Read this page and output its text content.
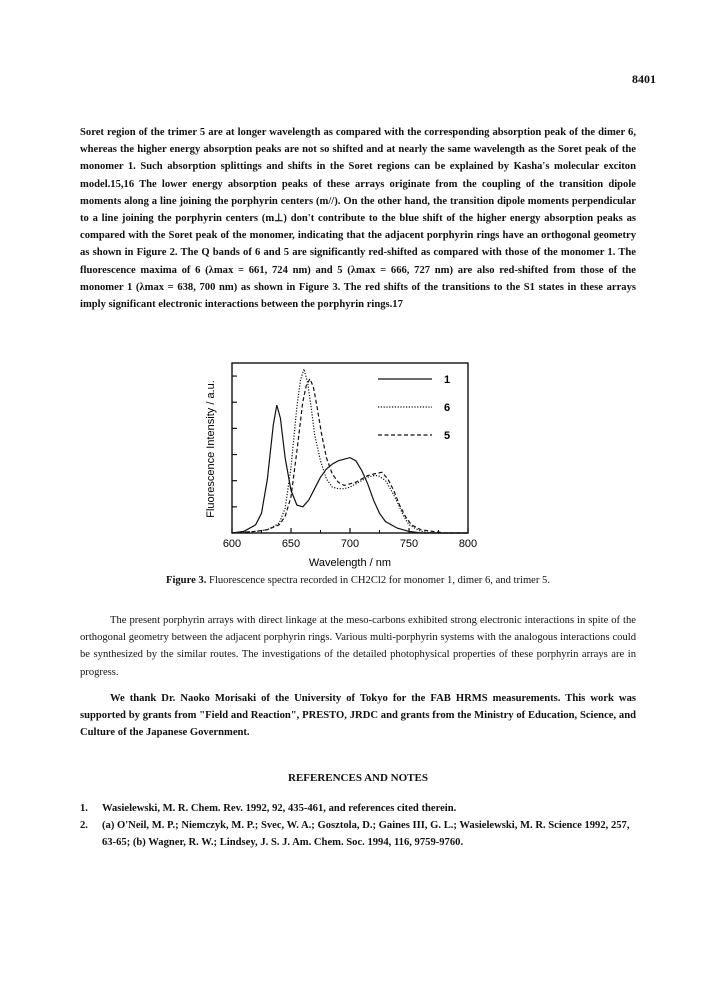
8401

Soret region of the trimer 5 are at longer wavelength as compared with the corresponding absorption peak of the dimer 6, whereas the higher energy absorption peaks are not so shifted and at nearly the same wavelength as the Soret peak of the monomer 1. Such absorption splittings and shifts in the Soret regions can be explained by Kasha's molecular exciton model.15,16 The lower energy absorption peaks of these arrays originate from the coupling of the transition dipole moments along a line joining the porphyrin centers (m//). On the other hand, the transition dipole moments perpendicular to a line joining the porphyrin centers (m⊥) don't contribute to the blue shift of the higher energy absorption peaks as compared with the Soret peak of the monomer, indicating that the adjacent porphyrin rings have an orthogonal geometry as shown in Figure 2. The Q bands of 6 and 5 are significantly red-shifted as compared with those of the monomer 1. The fluorescence maxima of 6 (λmax = 661, 724 nm) and 5 (λmax = 666, 727 nm) are also red-shifted from those of the monomer 1 (λmax = 638, 700 nm) as shown in Figure 3. The red shifts of the transitions to the S1 states in these arrays imply significant electronic interactions between the porphyrin rings.17

600	650	700	750	800
1
6
5
Wavelength / nm
Fluorescence Intensity / a.u.
Figure 3. Fluorescence spectra recorded in CH2Cl2 for monomer 1, dimer 6, and trimer 5.

The present porphyrin arrays with direct linkage at the meso-carbons exhibited strong electronic interactions in spite of the orthogonal geometry between the adjacent porphyrin rings. Various multi-porphyrin systems with the analogous interactions could be synthesized by the similar routes. The investigations of the detailed photophysical properties of these porphyrin arrays are in progress.

We thank Dr. Naoko Morisaki of the University of Tokyo for the FAB HRMS measurements. This work was supported by grants from "Field and Reaction", PRESTO, JRDC and grants from the Ministry of Education, Science, and Culture of the Japanese Government.

REFERENCES AND NOTES
1. Wasielewski, M. R. Chem. Rev. 1992, 92, 435-461, and references cited therein.
2. (a) O'Neil, M. P.; Niemczyk, M. P.; Svec, W. A.; Gosztola, D.; Gaines III, G. L.; Wasielewski, M. R. Science 1992, 257, 63-65; (b) Wagner, R. W.; Lindsey, J. S. J. Am. Chem. Soc. 1994, 116, 9759-9760.
